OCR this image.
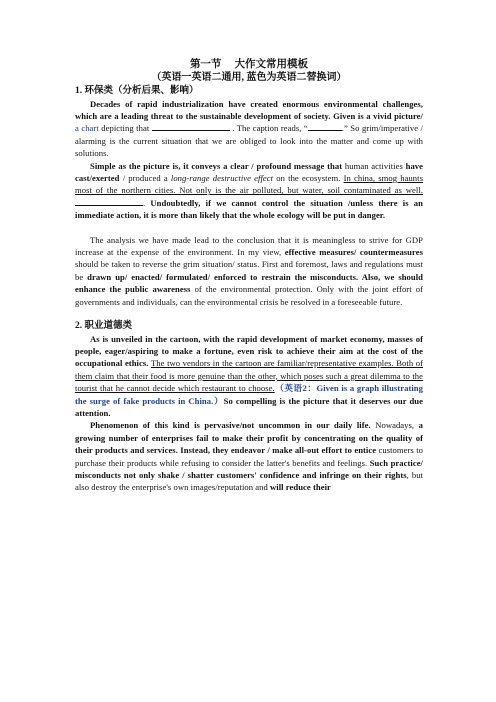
第一节　 大作文常用模板

（英语一英语二通用, 蓝色为英语二替换词）

1. 环保类（分析后果、影响）

Decades of rapid industrialization have created enormous environmental challenges, which are a leading threat to the sustainable development of society. Given is a vivid picture/ a chart depicting that	. The caption reads, “	.” So grim/imperative / alarming is the current situation that we are obliged to look into the matter and come up with solutions.

Simple as the picture is, it conveys a clear / profound message that human activities have cast/exerted / produced a long-range destructive effect on the ecosystem. In china, smog haunts most of the northern cities. Not only is the air polluted, but water, soil contaminated as well. . Undoubtedly, if we cannot control the situation /unless there is an immediate action, it is more than likely that the whole ecology will be put in danger.

The analysis we have made lead to the conclusion that it is meaningless to strive for GDP increase at the expense of the environment. In my view, effective measures/ countermeasures should be taken to reverse the grim situation/ status. First and foremost, laws and regulations must be drawn up/ enacted/ formulated/ enforced to restrain the misconducts. Also, we should enhance the public awareness of the environmental protection. Only with the joint effort of governments and individuals, can the environmental crisis be resolved in a foreseeable future.

2. 职业道德类

As is unveiled in the cartoon, with the rapid development of market economy, masses of people, eager/aspiring to make a fortune, even risk to achieve their aim at the cost of the occupational ethics. The two vendors in the cartoon are familiar/representative examples. Both of them claim that their food is more genuine than the other, which poses such a great dilemma to the tourist that he cannot decide which restaurant to choose.（英语2：Given is a graph illustrating the surge of fake products in China.）So compelling is the picture that it deserves our due attention.

Phenomenon of this kind is pervasive/not uncommon in our daily life. Nowadays, a growing number of enterprises fail to make their profit by concentrating on the quality of their products and services. Instead, they endeavor / make all-out effort to entice customers to purchase their products while refusing to consider the latter's benefits and feelings. Such practice/ misconducts not only shake / shatter customers' confidence and infringe on their rights, but also destroy the enterprise's own images/reputation and will reduce their
